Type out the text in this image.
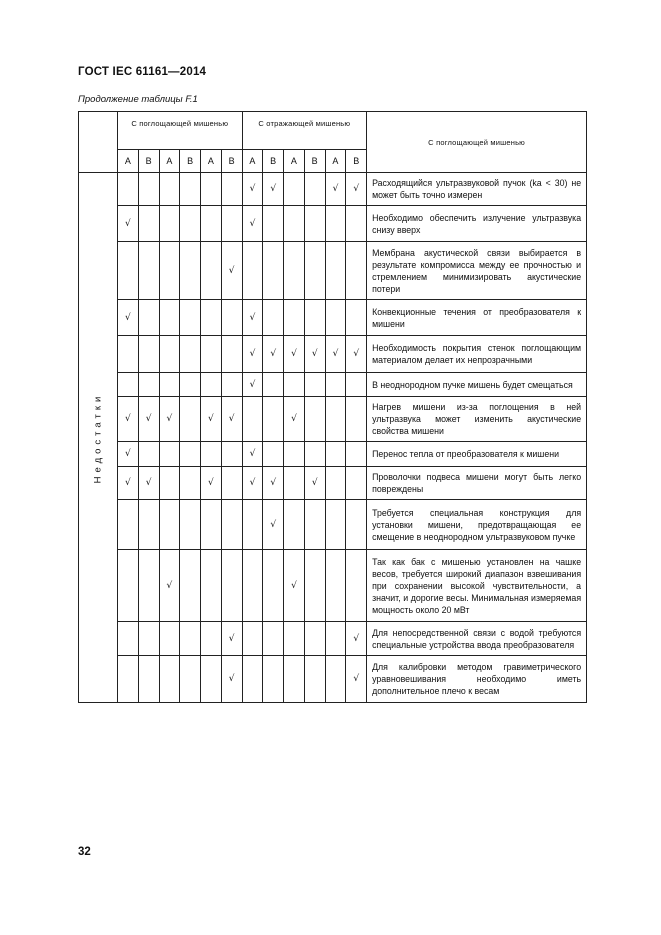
ГОСТ IEC 61161—2014
Продолжение таблицы F.1
	С поглощающей мишенью						С отражающей мишенью						С поглощающей мишенью
	A	B	A	B	A	B	A	B	A	B	A	B	

Недостатки							√	√			√	√	Расходящийся ультразвуковой пучок (ka < 30) не может быть точно измерен
	√						√						Необходимо обеспечить излучение ультразвука снизу вверх
						√							Мембрана акустической связи выбирается в результате компромисса между ее прочностью и стремлением минимизировать акустические потери
	√						√						Конвекционные течения от преобразователя к мишени
							√	√	√	√	√	√	Необходимость покрытия стенок поглощающим материалом делает их непрозрачными
							√						В неоднородном пучке мишень будет смещаться
	√	√	√		√	√			√				Нагрев мишени из-за поглощения в ней ультразвука может изменить акустические свойства мишени
	√						√						Перенос тепла от преобразователя к мишени
	√	√			√		√	√		√			Проволочки подвеса мишени могут быть легко повреждены
								√					Требуется специальная конструкция для установки мишени, предотвращающая ее смещение в неоднородном ультразвуковом пучке
			√						√				Так как бак с мишенью установлен на чашке весов, требуется широкий диапазон взвешивания при сохранении высокой чувствительности, а значит, и дорогие весы. Минимальная измеряемая мощность около 20 мВт
						√						√	Для непосредственной связи с водой требуются специальные устройства ввода преобразователя
						√						√	Для калибровки методом гравиметрического уравновешивания необходимо иметь дополнительное плечо к весам
32
